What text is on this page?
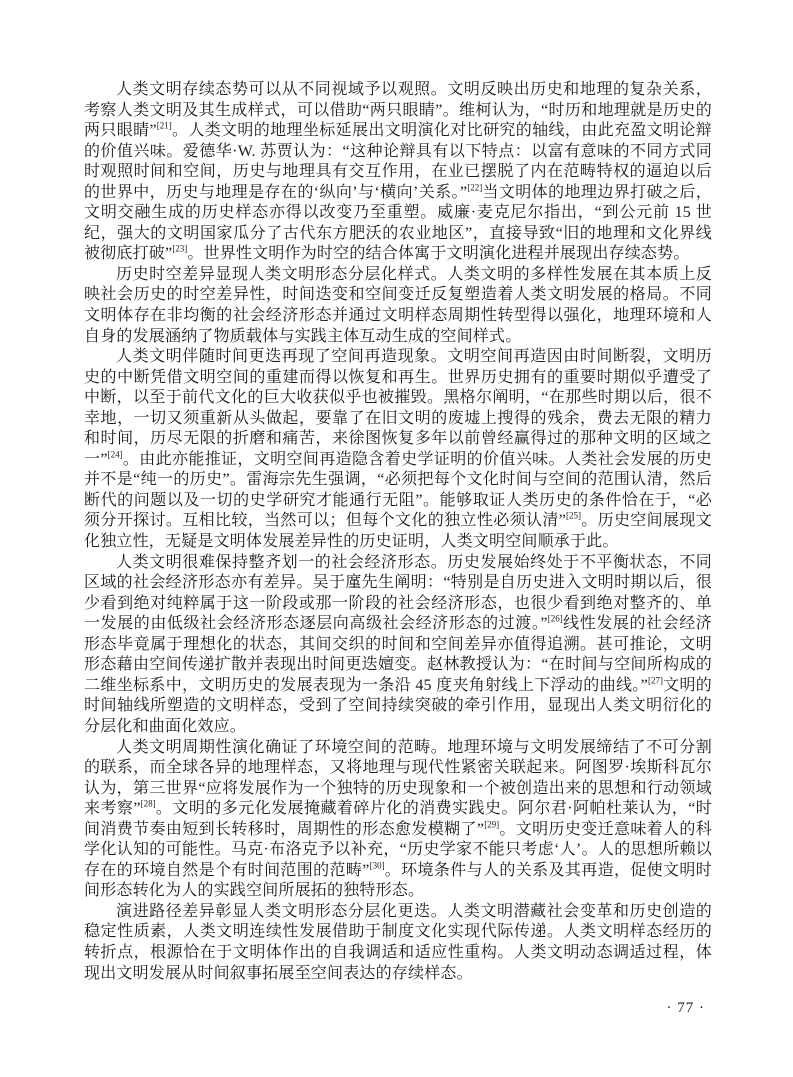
人类文明存续态势可以从不同视域予以观照。文明反映出历史和地理的复杂关系，考察人类文明及其生成样式，可以借助“两只眼睛”。维柯认为，“时历和地理就是历史的两只眼睛”[21]。人类文明的地理坐标延展出文明演化对比研究的轴线，由此充盈文明论辩的价值兴味。爱德华·W. 苏贾认为：“这种论辩具有以下特点：以富有意味的不同方式同时观照时间和空间，历史与地理具有交互作用，在业已摆脱了内在范畴特权的逼迫以后的世界中，历史与地理是存在的‘纵向’与‘横向’关系。”[22]当文明体的地理边界打破之后，文明交融生成的历史样态亦得以改变乃至重塑。威廉·麦克尼尔指出，“到公元前 15 世纪，强大的文明国家瓜分了古代东方肥沃的农业地区”，直接导致“旧的地理和文化界线被彻底打破”[23]。世界性文明作为时空的结合体寓于文明演化进程并展现出存续态势。

历史时空差异显现人类文明形态分层化样式。人类文明的多样性发展在其本质上反映社会历史的时空差异性，时间迭变和空间变迁反复塑造着人类文明发展的格局。不同文明体存在非均衡的社会经济形态并通过文明样态周期性转型得以强化，地理环境和人自身的发展涵纳了物质载体与实践主体互动生成的空间样式。

人类文明伴随时间更迭再现了空间再造现象。文明空间再造因由时间断裂，文明历史的中断凭借文明空间的重建而得以恢复和再生。世界历史拥有的重要时期似乎遭受了中断，以至于前代文化的巨大收获似乎也被摧毁。黑格尔阐明，“在那些时期以后，很不幸地，一切又须重新从头做起，要靠了在旧文明的废墟上搜得的残余，费去无限的精力和时间，历尽无限的折磨和痛苦，来徐图恢复多年以前曾经赢得过的那种文明的区域之一”[24]。由此亦能推证，文明空间再造隐含着史学证明的价值兴味。人类社会发展的历史并不是“纯一的历史”。雷海宗先生强调，“必须把每个文化时间与空间的范围认清，然后断代的问题以及一切的史学研究才能通行无阻”。能够取证人类历史的条件恰在于，“必须分开探讨。互相比较，当然可以；但每个文化的独立性必须认清”[25]。历史空间展现文化独立性，无疑是文明体发展差异性的历史证明，人类文明空间顺承于此。

人类文明很难保持整齐划一的社会经济形态。历史发展始终处于不平衡状态，不同区域的社会经济形态亦有差异。吴于廑先生阐明：“特别是自历史进入文明时期以后，很少看到绝对纯粹属于这一阶段或那一阶段的社会经济形态，也很少看到绝对整齐的、单一发展的由低级社会经济形态逐层向高级社会经济形态的过渡。”[26]线性发展的社会经济形态毕竟属于理想化的状态，其间交织的时间和空间差异亦值得追溯。甚可推论，文明形态藉由空间传递扩散并表现出时间更迭嬗变。赵林教授认为：“在时间与空间所构成的二维坐标系中，文明历史的发展表现为一条沿 45 度夹角射线上下浮动的曲线。”[27]文明的时间轴线所塑造的文明样态，受到了空间持续突破的牵引作用，显现出人类文明衍化的分层化和曲面化效应。

人类文明周期性演化确证了环境空间的范畴。地理环境与文明发展缔结了不可分割的联系，而全球各异的地理样态，又将地理与现代性紧密关联起来。阿图罗·埃斯科瓦尔认为，第三世界“应将发展作为一个独特的历史现象和一个被创造出来的思想和行动领域来考察”[28]。文明的多元化发展掩藏着碎片化的消费实践史。阿尔君·阿帕杜莱认为，“时间消费节奏由短到长转移时，周期性的形态愈发模糊了”[29]。文明历史变迁意味着人的科学化认知的可能性。马克·布洛克予以补充，“历史学家不能只考虑‘人’。人的思想所赖以存在的环境自然是个有时间范围的范畴”[30]。环境条件与人的关系及其再造，促使文明时间形态转化为人的实践空间所展拓的独特形态。

演进路径差异彰显人类文明形态分层化更迭。人类文明潜藏社会变革和历史创造的稳定性质素，人类文明连续性发展借助于制度文化实现代际传递。人类文明样态经历的转折点，根源恰在于文明体作出的自我调适和适应性重构。人类文明动态调适过程，体现出文明发展从时间叙事拓展至空间表达的存续样态。

· 77 ·
